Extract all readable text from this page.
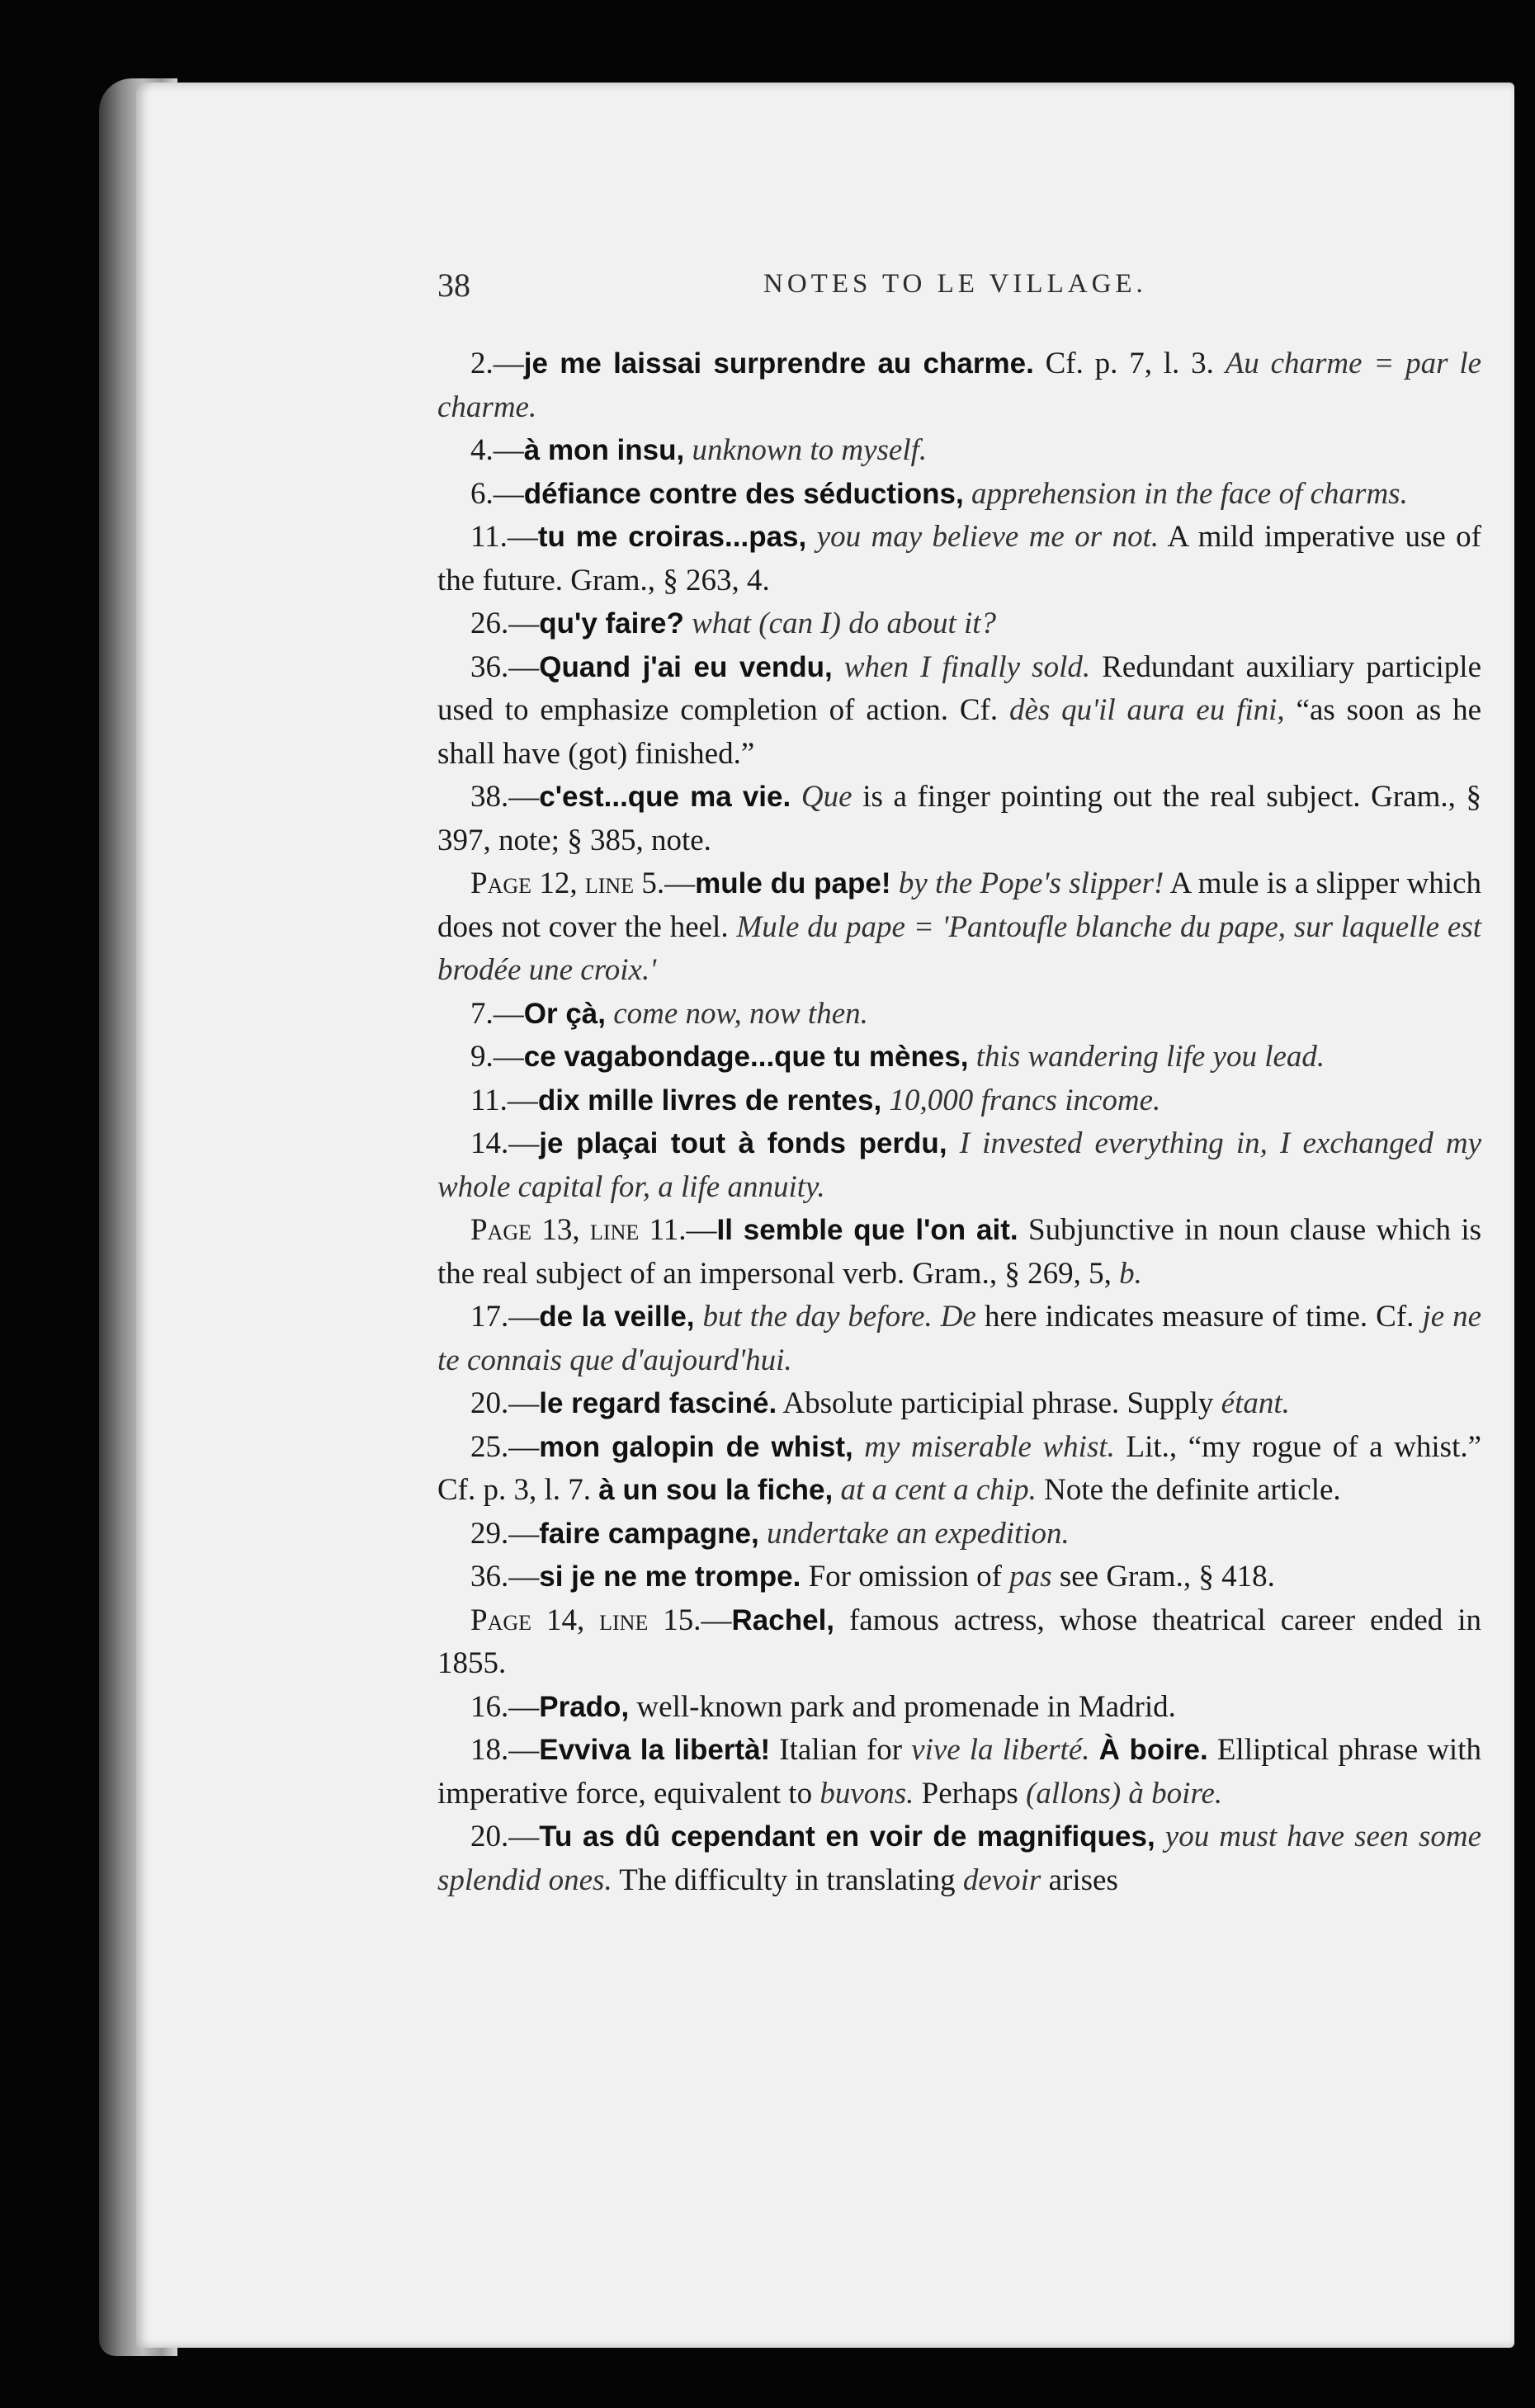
38	NOTES TO LE VILLAGE.

2.—je me laissai surprendre au charme. Cf. p. 7, l. 3. Au charme = par le charme.

4.—à mon insu, unknown to myself.

6.—défiance contre des séductions, apprehension in the face of charms.

11.—tu me croiras...pas, you may believe me or not. A mild imperative use of the future. Gram., § 263, 4.

26.—qu'y faire? what (can I) do about it?

36.—Quand j'ai eu vendu, when I finally sold. Redundant auxiliary participle used to emphasize completion of action. Cf. dès qu'il aura eu fini, “as soon as he shall have (got) finished.”

38.—c'est...que ma vie. Que is a finger pointing out the real subject. Gram., § 397, note; § 385, note.

Page 12, line 5.—mule du pape! by the Pope's slipper! A mule is a slipper which does not cover the heel. Mule du pape = 'Pantoufle blanche du pape, sur laquelle est brodée une croix.'

7.—Or çà, come now, now then.

9.—ce vagabondage...que tu mènes, this wandering life you lead.

11.—dix mille livres de rentes, 10,000 francs income.

14.—je plaçai tout à fonds perdu, I invested everything in, I exchanged my whole capital for, a life annuity.

Page 13, line 11.—Il semble que l'on ait. Subjunctive in noun clause which is the real subject of an impersonal verb. Gram., § 269, 5, b.

17.—de la veille, but the day before. De here indicates measure of time. Cf. je ne te connais que d'aujourd'hui.

20.—le regard fasciné. Absolute participial phrase. Supply étant.

25.—mon galopin de whist, my miserable whist. Lit., “my rogue of a whist.” Cf. p. 3, l. 7. à un sou la fiche, at a cent a chip. Note the definite article.

29.—faire campagne, undertake an expedition.

36.—si je ne me trompe. For omission of pas see Gram., § 418.

Page 14, line 15.—Rachel, famous actress, whose theatrical career ended in 1855.

16.—Prado, well-known park and promenade in Madrid.

18.—Evviva la libertà! Italian for vive la liberté. À boire. Elliptical phrase with imperative force, equivalent to buvons. Perhaps (allons) à boire.

20.—Tu as dû cependant en voir de magnifiques, you must have seen some splendid ones. The difficulty in translating devoir arises
